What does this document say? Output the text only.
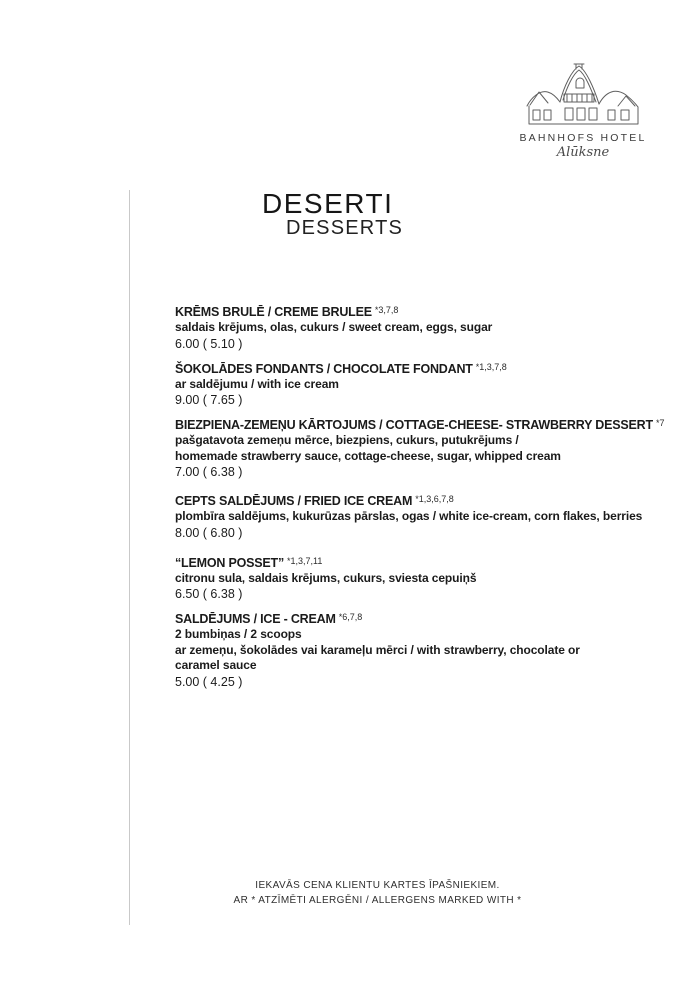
BAHNHOFS HOTEL
Alūksne
DESERTI
DESSERTS
KRĒMS BRULĒ / CREME BRULEE $^{*3,7,8}$
saldais krējums, olas, cukurs / sweet cream, eggs, sugar
6.00 ( 5.10 )
ŠOKOLĀDES FONDANTS / CHOCOLATE FONDANT $^{*1,3,7,8}$
ar saldējumu / with ice cream
9.00 ( 7.65 )
BIEZPIENA-ZEMEŅU KĀRTOJUMS / COTTAGE-CHEESE- STRAWBERRY DESSERT $^{*7}$
pašgatavota zemeņu mērce, biezpiens, cukurs, putukrējums /
homemade strawberry sauce, cottage-cheese, sugar, whipped cream
7.00 ( 6.38 )
CEPTS SALDĒJUMS / FRIED ICE CREAM $^{*1,3,6,7,8}$
plombīra saldējums, kukurūzas pārslas, ogas / white ice-cream, corn flakes, berries
8.00 ( 6.80 )
“LEMON POSSET” $^{*1,3,7,11}$
citronu sula, saldais krējums, cukurs, sviesta cepuiņš
6.50 ( 6.38 )
SALDĒJUMS / ICE - CREAM $^{*6,7,8}$
2 bumbiņas / 2 scoops
ar zemeņu, šokolādes vai karameļu mērci / with strawberry, chocolate or
caramel sauce
5.00 ( 4.25 )
IEKAVĀS CENA KLIENTU KARTES ĪPAŠNIEKIEM.
AR * ATZĪMĒTI ALERGĒNI / ALLERGENS MARKED WITH *
